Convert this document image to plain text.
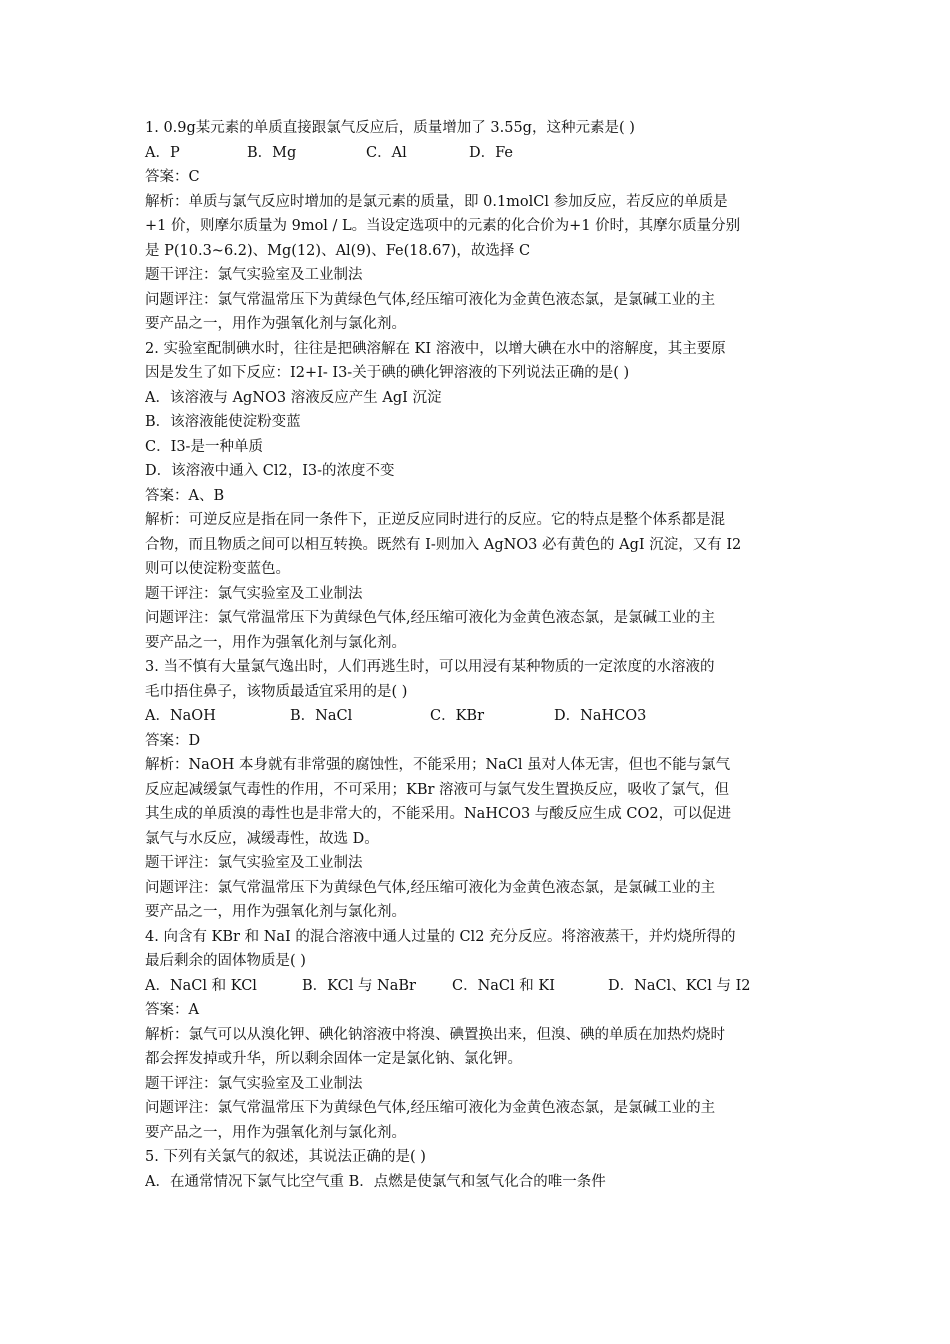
1. 0.9g某元素的单质直接跟氯气反应后，质量增加了 3.55g，这种元素是( )
A．P	B．Mg	C．Al	D．Fe
答案：C
解析：单质与氯气反应时增加的是氯元素的质量，即 0.1molCl 参加反应，若反应的单质是
+1 价，则摩尔质量为 9mol / L。当设定选项中的元素的化合价为+1 价时，其摩尔质量分别
是 P(10.3~6.2)、Mg(12)、Al(9)、Fe(18.67)，故选择 C
题干评注：氯气实验室及工业制法
问题评注：氯气常温常压下为黄绿色气体,经压缩可液化为金黄色液态氯，是氯碱工业的主
要产品之一，用作为强氧化剂与氯化剂。
2. 实验室配制碘水时，往往是把碘溶解在 KI 溶液中，以增大碘在水中的溶解度，其主要原
因是发生了如下反应：I2+I- I3-关于碘的碘化钾溶液的下列说法正确的是( )
A．该溶液与 AgNO3 溶液反应产生 AgI 沉淀
B．该溶液能使淀粉变蓝
C．I3-是一种单质
D．该溶液中通入 Cl2，I3-的浓度不变
答案：A、B
解析：可逆反应是指在同一条件下，正逆反应同时进行的反应。它的特点是整个体系都是混
合物，而且物质之间可以相互转换。既然有 I-则加入 AgNO3 必有黄色的 AgI 沉淀，又有 I2
则可以使淀粉变蓝色。
题干评注：氯气实验室及工业制法
问题评注：氯气常温常压下为黄绿色气体,经压缩可液化为金黄色液态氯，是氯碱工业的主
要产品之一，用作为强氧化剂与氯化剂。
3. 当不慎有大量氯气逸出时，人们再逃生时，可以用浸有某种物质的一定浓度的水溶液的
毛巾捂住鼻子，该物质最适宜采用的是( )
A．NaOH	B．NaCl	C．KBr	D．NaHCO3
答案：D
解析：NaOH 本身就有非常强的腐蚀性，不能采用；NaCl 虽对人体无害，但也不能与氯气
反应起减缓氯气毒性的作用，不可采用；KBr 溶液可与氯气发生置换反应，吸收了氯气，但
其生成的单质溴的毒性也是非常大的，不能采用。NaHCO3 与酸反应生成 CO2，可以促进
氯气与水反应，减缓毒性，故选 D。
题干评注：氯气实验室及工业制法
问题评注：氯气常温常压下为黄绿色气体,经压缩可液化为金黄色液态氯，是氯碱工业的主
要产品之一，用作为强氧化剂与氯化剂。
4. 向含有 KBr 和 NaI 的混合溶液中通人过量的 Cl2 充分反应。将溶液蒸干，并灼烧所得的
最后剩余的固体物质是( )
A．NaCl 和 KCl	B．KCl 与 NaBr	C．NaCl 和 KI	D．NaCl、KCl 与 I2
答案：A
解析：氯气可以从溴化钾、碘化钠溶液中将溴、碘置换出来，但溴、碘的单质在加热灼烧时
都会挥发掉或升华，所以剩余固体一定是氯化钠、氯化钾。
题干评注：氯气实验室及工业制法
问题评注：氯气常温常压下为黄绿色气体,经压缩可液化为金黄色液态氯，是氯碱工业的主
要产品之一，用作为强氧化剂与氯化剂。
5. 下列有关氯气的叙述，其说法正确的是( )
A．在通常情况下氯气比空气重 B．点燃是使氯气和氢气化合的唯一条件
